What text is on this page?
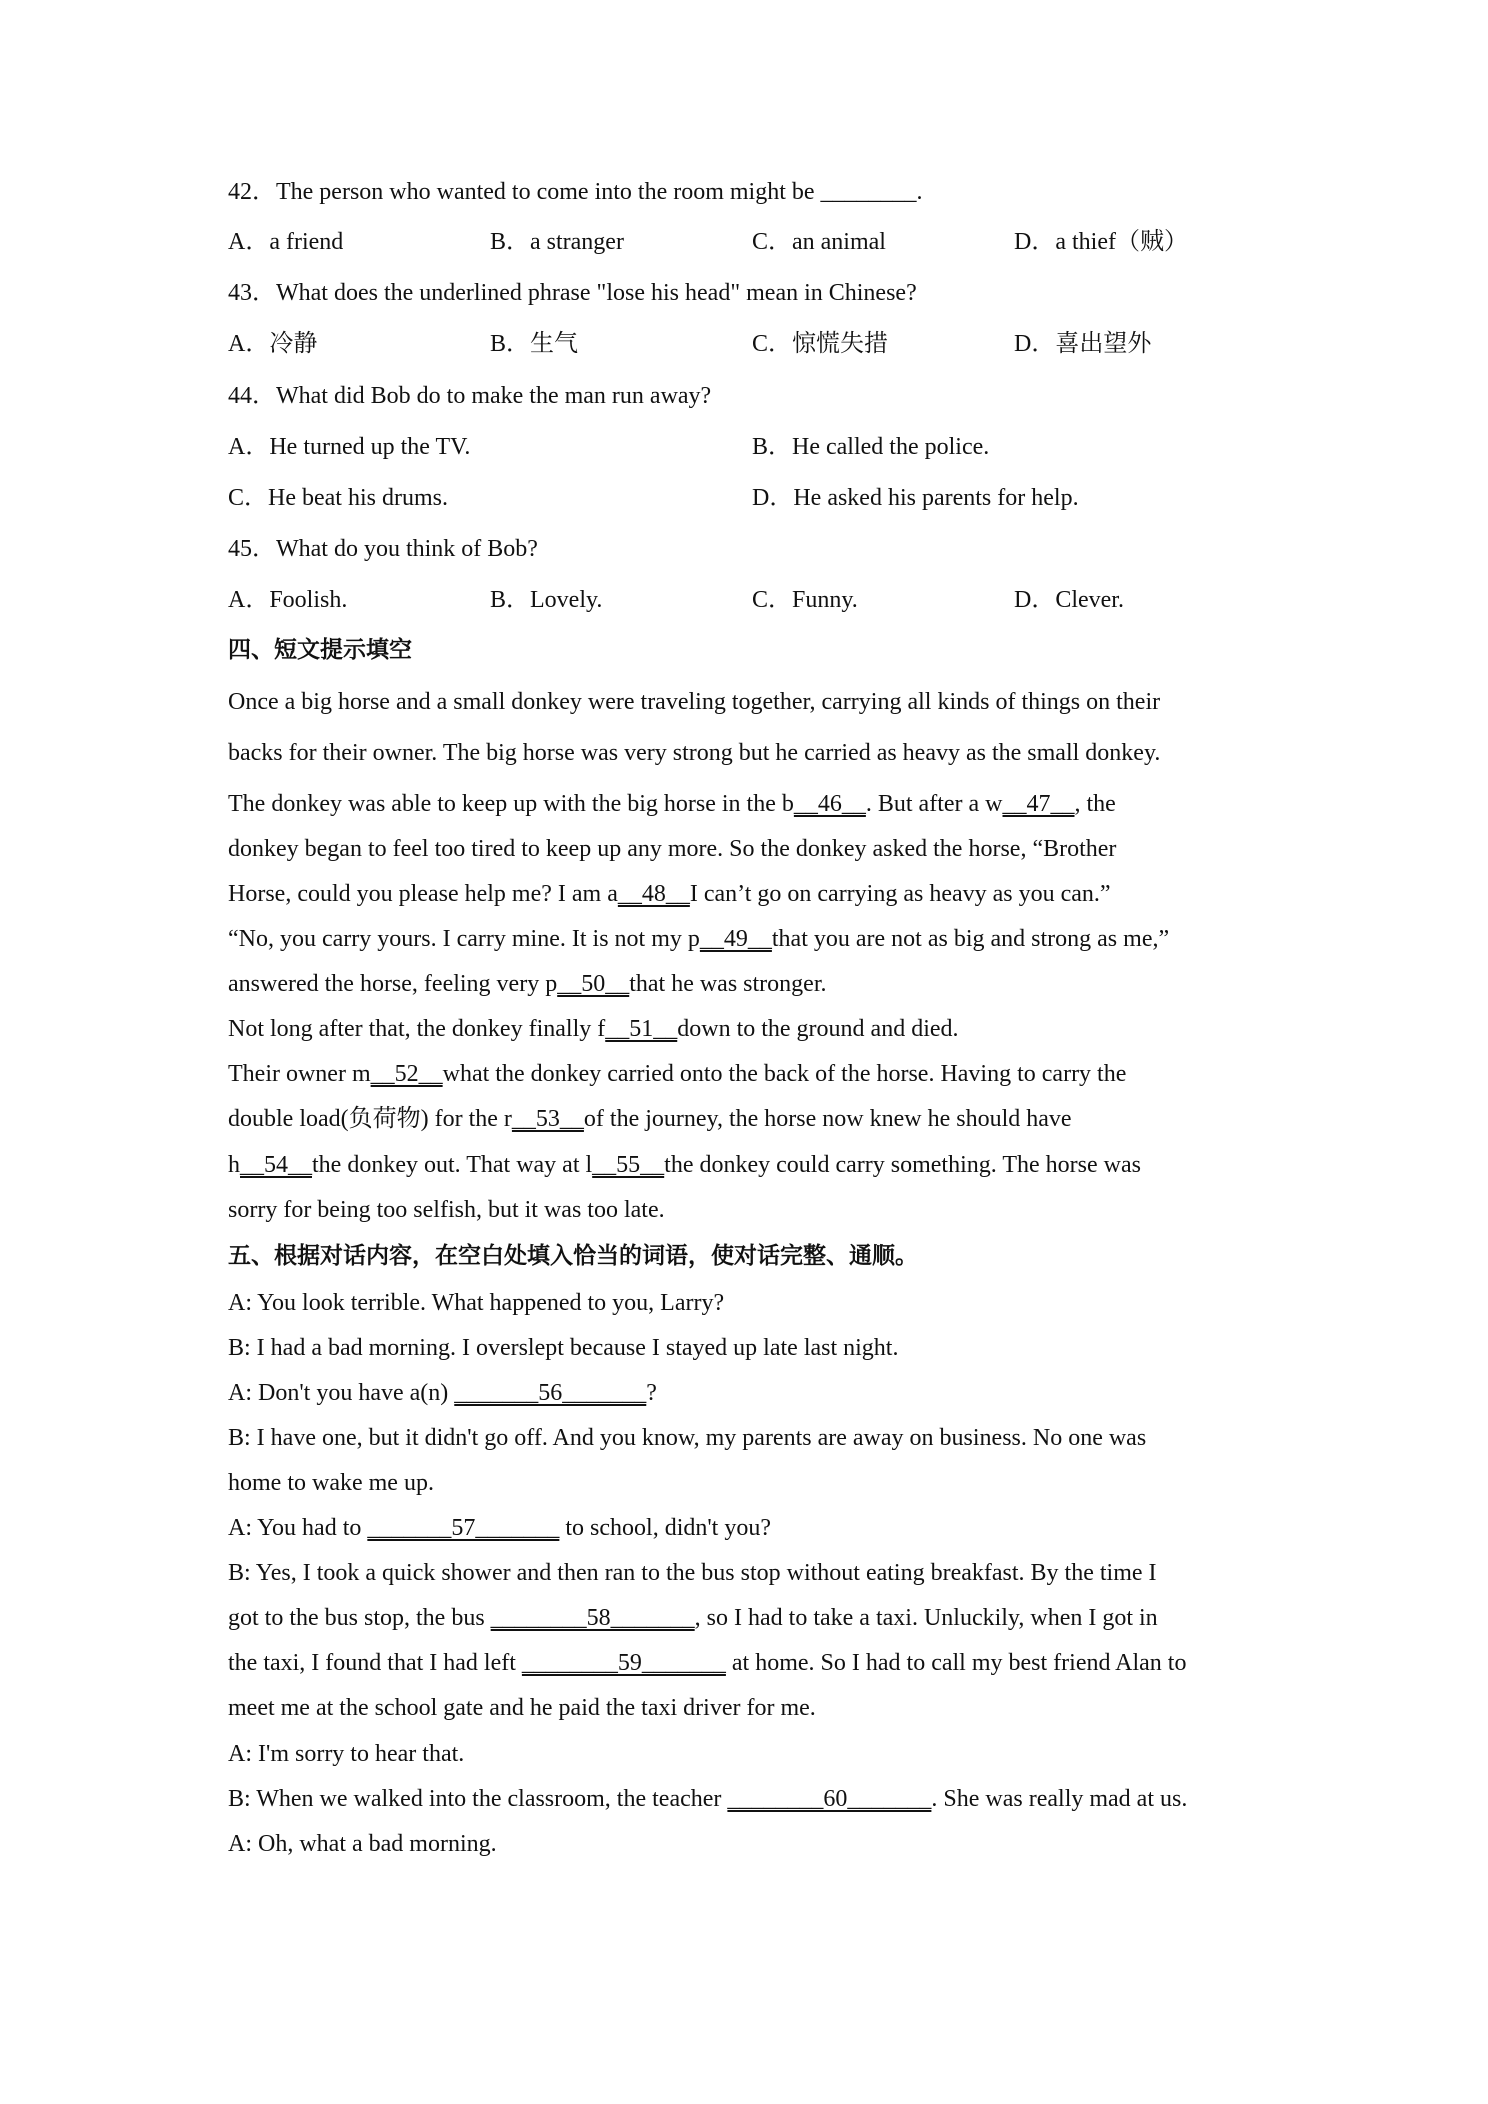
42．The person who wanted to come into the room might be ________.
A．a friend	B．a stranger	C．an animal	D．a thief（贼）
43．What does the underlined phrase "lose his head" mean in Chinese?
A．冷静	B．生气	C．惊慌失措	D．喜出望外
44．What did Bob do to make the man run away?
A．He turned up the TV.	B．He called the police.
C．He beat his drums.	D．He asked his parents for help.
45．What do you think of Bob?
A．Foolish.	B．Lovely.	C．Funny.	D．Clever.
四、短文提示填空
Once a big horse and a small donkey were traveling together, carrying all kinds of things on their
backs for their owner. The big horse was very strong but he carried as heavy as the small donkey.
The donkey was able to keep up with the big horse in the b__46__. But after a w__47__, the
donkey began to feel too tired to keep up any more. So the donkey asked the horse, “Brother
Horse, could you please help me? I am a__48__I can’t go on carrying as heavy as you can.”
“No, you carry yours. I carry mine. It is not my p__49__that you are not as big and strong as me,”
answered the horse, feeling very p__50__that he was stronger.
Not long after that, the donkey finally f__51__down to the ground and died.
Their owner m__52__what the donkey carried onto the back of the horse. Having to carry the
double load(负荷物) for the r__53__of the journey, the horse now knew he should have
h__54__the donkey out. That way at l__55__the donkey could carry something. The horse was
sorry for being too selfish, but it was too late.
五、根据对话内容，在空白处填入恰当的词语，使对话完整、通顺。
A: You look terrible. What happened to you, Larry?
B: I had a bad morning. I overslept because I stayed up late last night.
A: Don't you have a(n) _______56_______?
B: I have one, but it didn't go off. And you know, my parents are away on business. No one was
home to wake me up.
A: You had to _______57_______ to school, didn't you?
B: Yes, I took a quick shower and then ran to the bus stop without eating breakfast. By the time I
got to the bus stop, the bus ________58_______, so I had to take a taxi. Unluckily, when I got in
the taxi, I found that I had left ________59_______ at home. So I had to call my best friend Alan to
meet me at the school gate and he paid the taxi driver for me.
A: I'm sorry to hear that.
B: When we walked into the classroom, the teacher ________60_______. She was really mad at us.
A: Oh, what a bad morning.
